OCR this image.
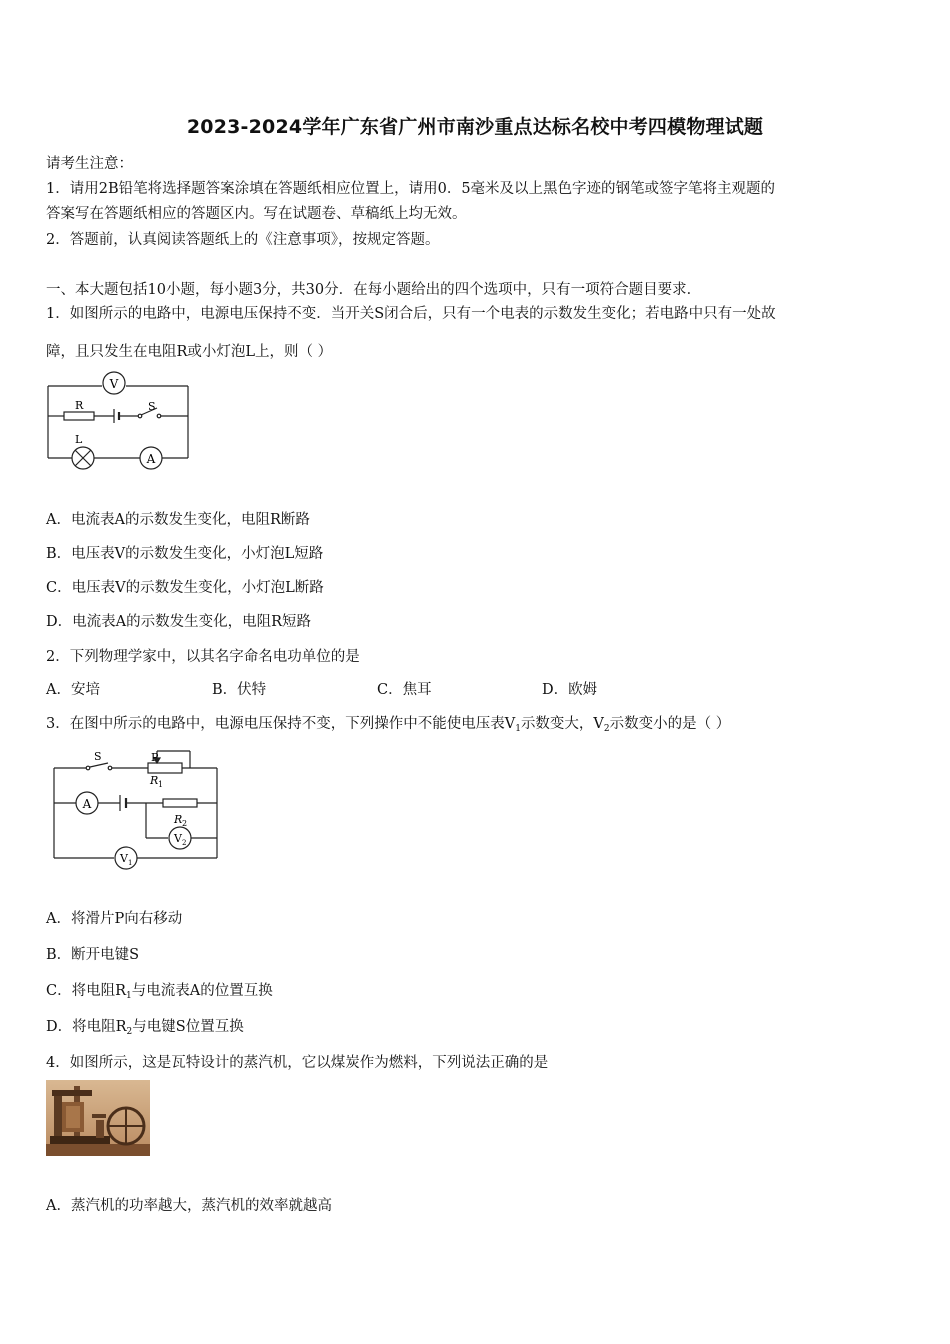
2023-2024学年广东省广州市南沙重点达标名校中考四模物理试题
请考生注意：
1．请用2B铅笔将选择题答案涂填在答题纸相应位置上，请用0．5毫米及以上黑色字迹的钢笔或签字笔将主观题的
答案写在答题纸相应的答题区内。写在试题卷、草稿纸上均无效。
2．答题前，认真阅读答题纸上的《注意事项》，按规定答题。
一、本大题包括10小题，每小题3分，共30分．在每小题给出的四个选项中，只有一项符合题目要求．
1．如图所示的电路中，电源电压保持不变．当开关S闭合后，只有一个电表的示数发生变化；若电路中只有一处故
障，且只发生在电阻R或小灯泡L上，则（ ）
V
R	S
L
A
A．电流表A的示数发生变化，电阻R断路
B．电压表V的示数发生变化，小灯泡L短路
C．电压表V的示数发生变化，小灯泡L断路
D．电流表A的示数发生变化，电阻R短路
2．下列物理学家中，以其名字命名电功单位的是
A．安培	B．伏特	C．焦耳	D．欧姆
3．在图中所示的电路中，电源电压保持不变，下列操作中不能使电压表$V_1$示数变大，$V_2$示数变小的是（ ）
S	P
R 1
A
R 2
V 2
V 1
A．将滑片P向右移动
B．断开电键S
C．将电阻$R_1$与电流表A的位置互换
D．将电阻$R_2$与电键S位置互换
4．如图所示，这是瓦特设计的蒸汽机，它以煤炭作为燃料，下列说法正确的是
A．蒸汽机的功率越大，蒸汽机的效率就越高
